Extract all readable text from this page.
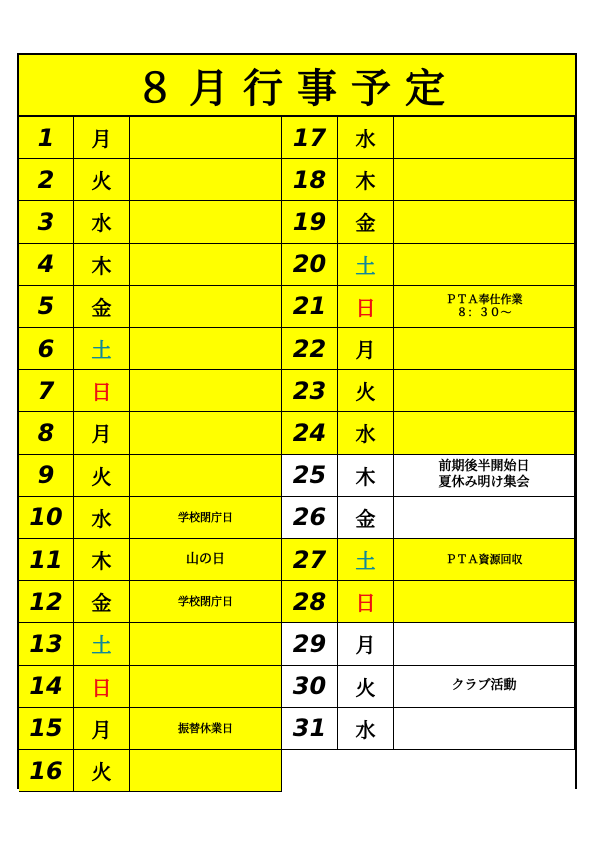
８月行事予定
1	月
2	火
3	水
4	木
5	金
6	土
7	日
8	月
9	火
10	水	学校閉庁日
11	木	山の日
12	金	学校閉庁日
13	土
14	日
15	月	振替休業日
16	火
17	水
18	木
19	金
20	土
21	日	ＰＴＡ奉仕作業
８：３０～
22	月
23	火
24	水
25	木	前期後半開始日
夏休み明け集会
26	金
27	土	ＰＴＡ資源回収
28	日
29	月
30	火	クラブ活動
31	水
